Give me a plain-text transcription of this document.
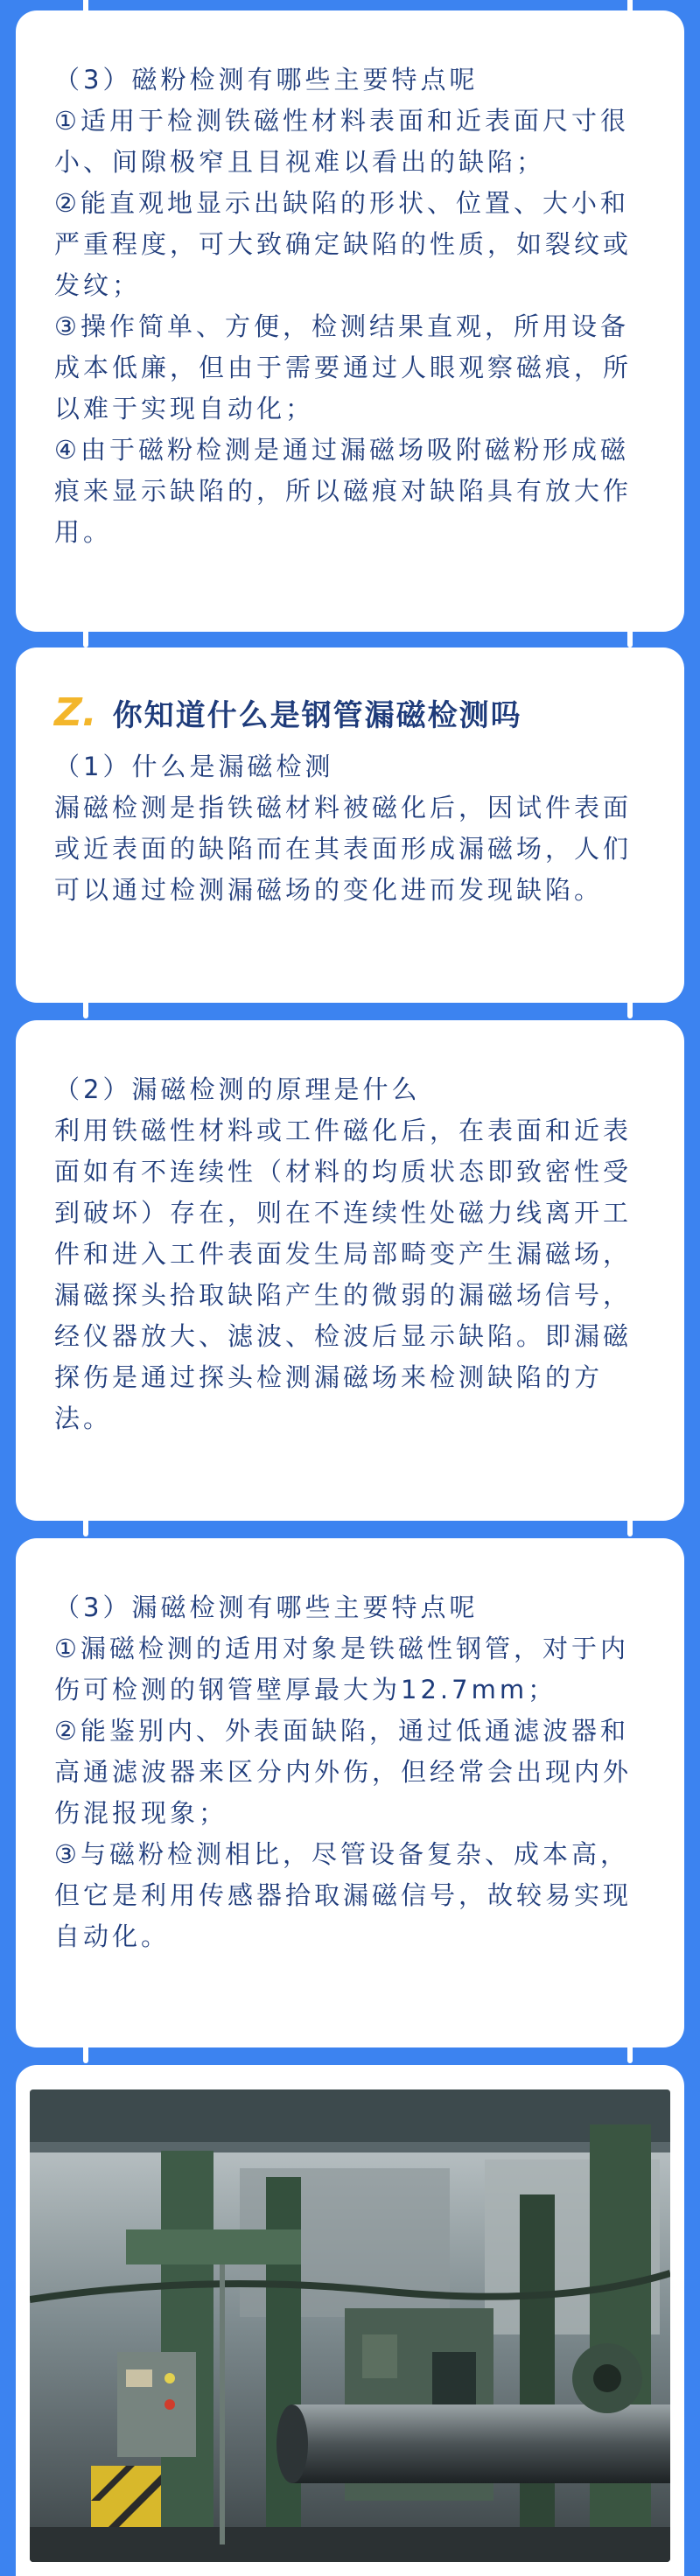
（3）磁粉检测有哪些主要特点呢

①适用于检测铁磁性材料表面和近表面尺寸很小、间隙极窄且目视难以看出的缺陷；

②能直观地显示出缺陷的形状、位置、大小和严重程度，可大致确定缺陷的性质，如裂纹或发纹；

③操作简单、方便，检测结果直观，所用设备成本低廉，但由于需要通过人眼观察磁痕，所以难于实现自动化；

④由于磁粉检测是通过漏磁场吸附磁粉形成磁痕来显示缺陷的，所以磁痕对缺陷具有放大作用。

Z. 你知道什么是钢管漏磁检测吗
（1）什么是漏磁检测

漏磁检测是指铁磁材料被磁化后，因试件表面或近表面的缺陷而在其表面形成漏磁场，人们可以通过检测漏磁场的变化进而发现缺陷。

（2）漏磁检测的原理是什么

利用铁磁性材料或工件磁化后，在表面和近表面如有不连续性（材料的均质状态即致密性受到破坏）存在，则在不连续性处磁力线离开工件和进入工件表面发生局部畸变产生漏磁场，漏磁探头拾取缺陷产生的微弱的漏磁场信号，经仪器放大、滤波、检波后显示缺陷。即漏磁探伤是通过探头检测漏磁场来检测缺陷的方法。

（3）漏磁检测有哪些主要特点呢

①漏磁检测的适用对象是铁磁性钢管，对于内伤可检测的钢管壁厚最大为12.7mm；

②能鉴别内、外表面缺陷，通过低通滤波器和高通滤波器来区分内外伤，但经常会出现内外伤混报现象；

③与磁粉检测相比，尽管设备复杂、成本高，但它是利用传感器拾取漏磁信号，故较易实现自动化。
